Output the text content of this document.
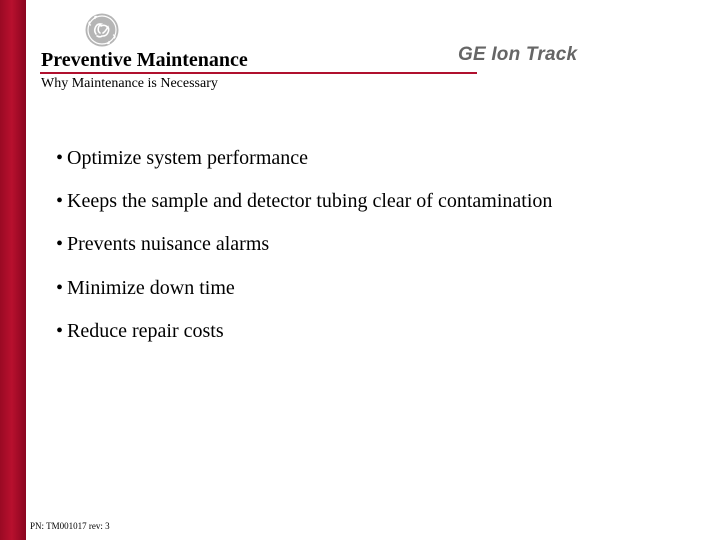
Preventive Maintenance	GE Ion Track
Why Maintenance is Necessary
• Optimize system performance
• Keeps the sample and detector tubing clear of contamination
• Prevents nuisance alarms
• Minimize down time
• Reduce repair costs
PN: TM001017 rev: 3
